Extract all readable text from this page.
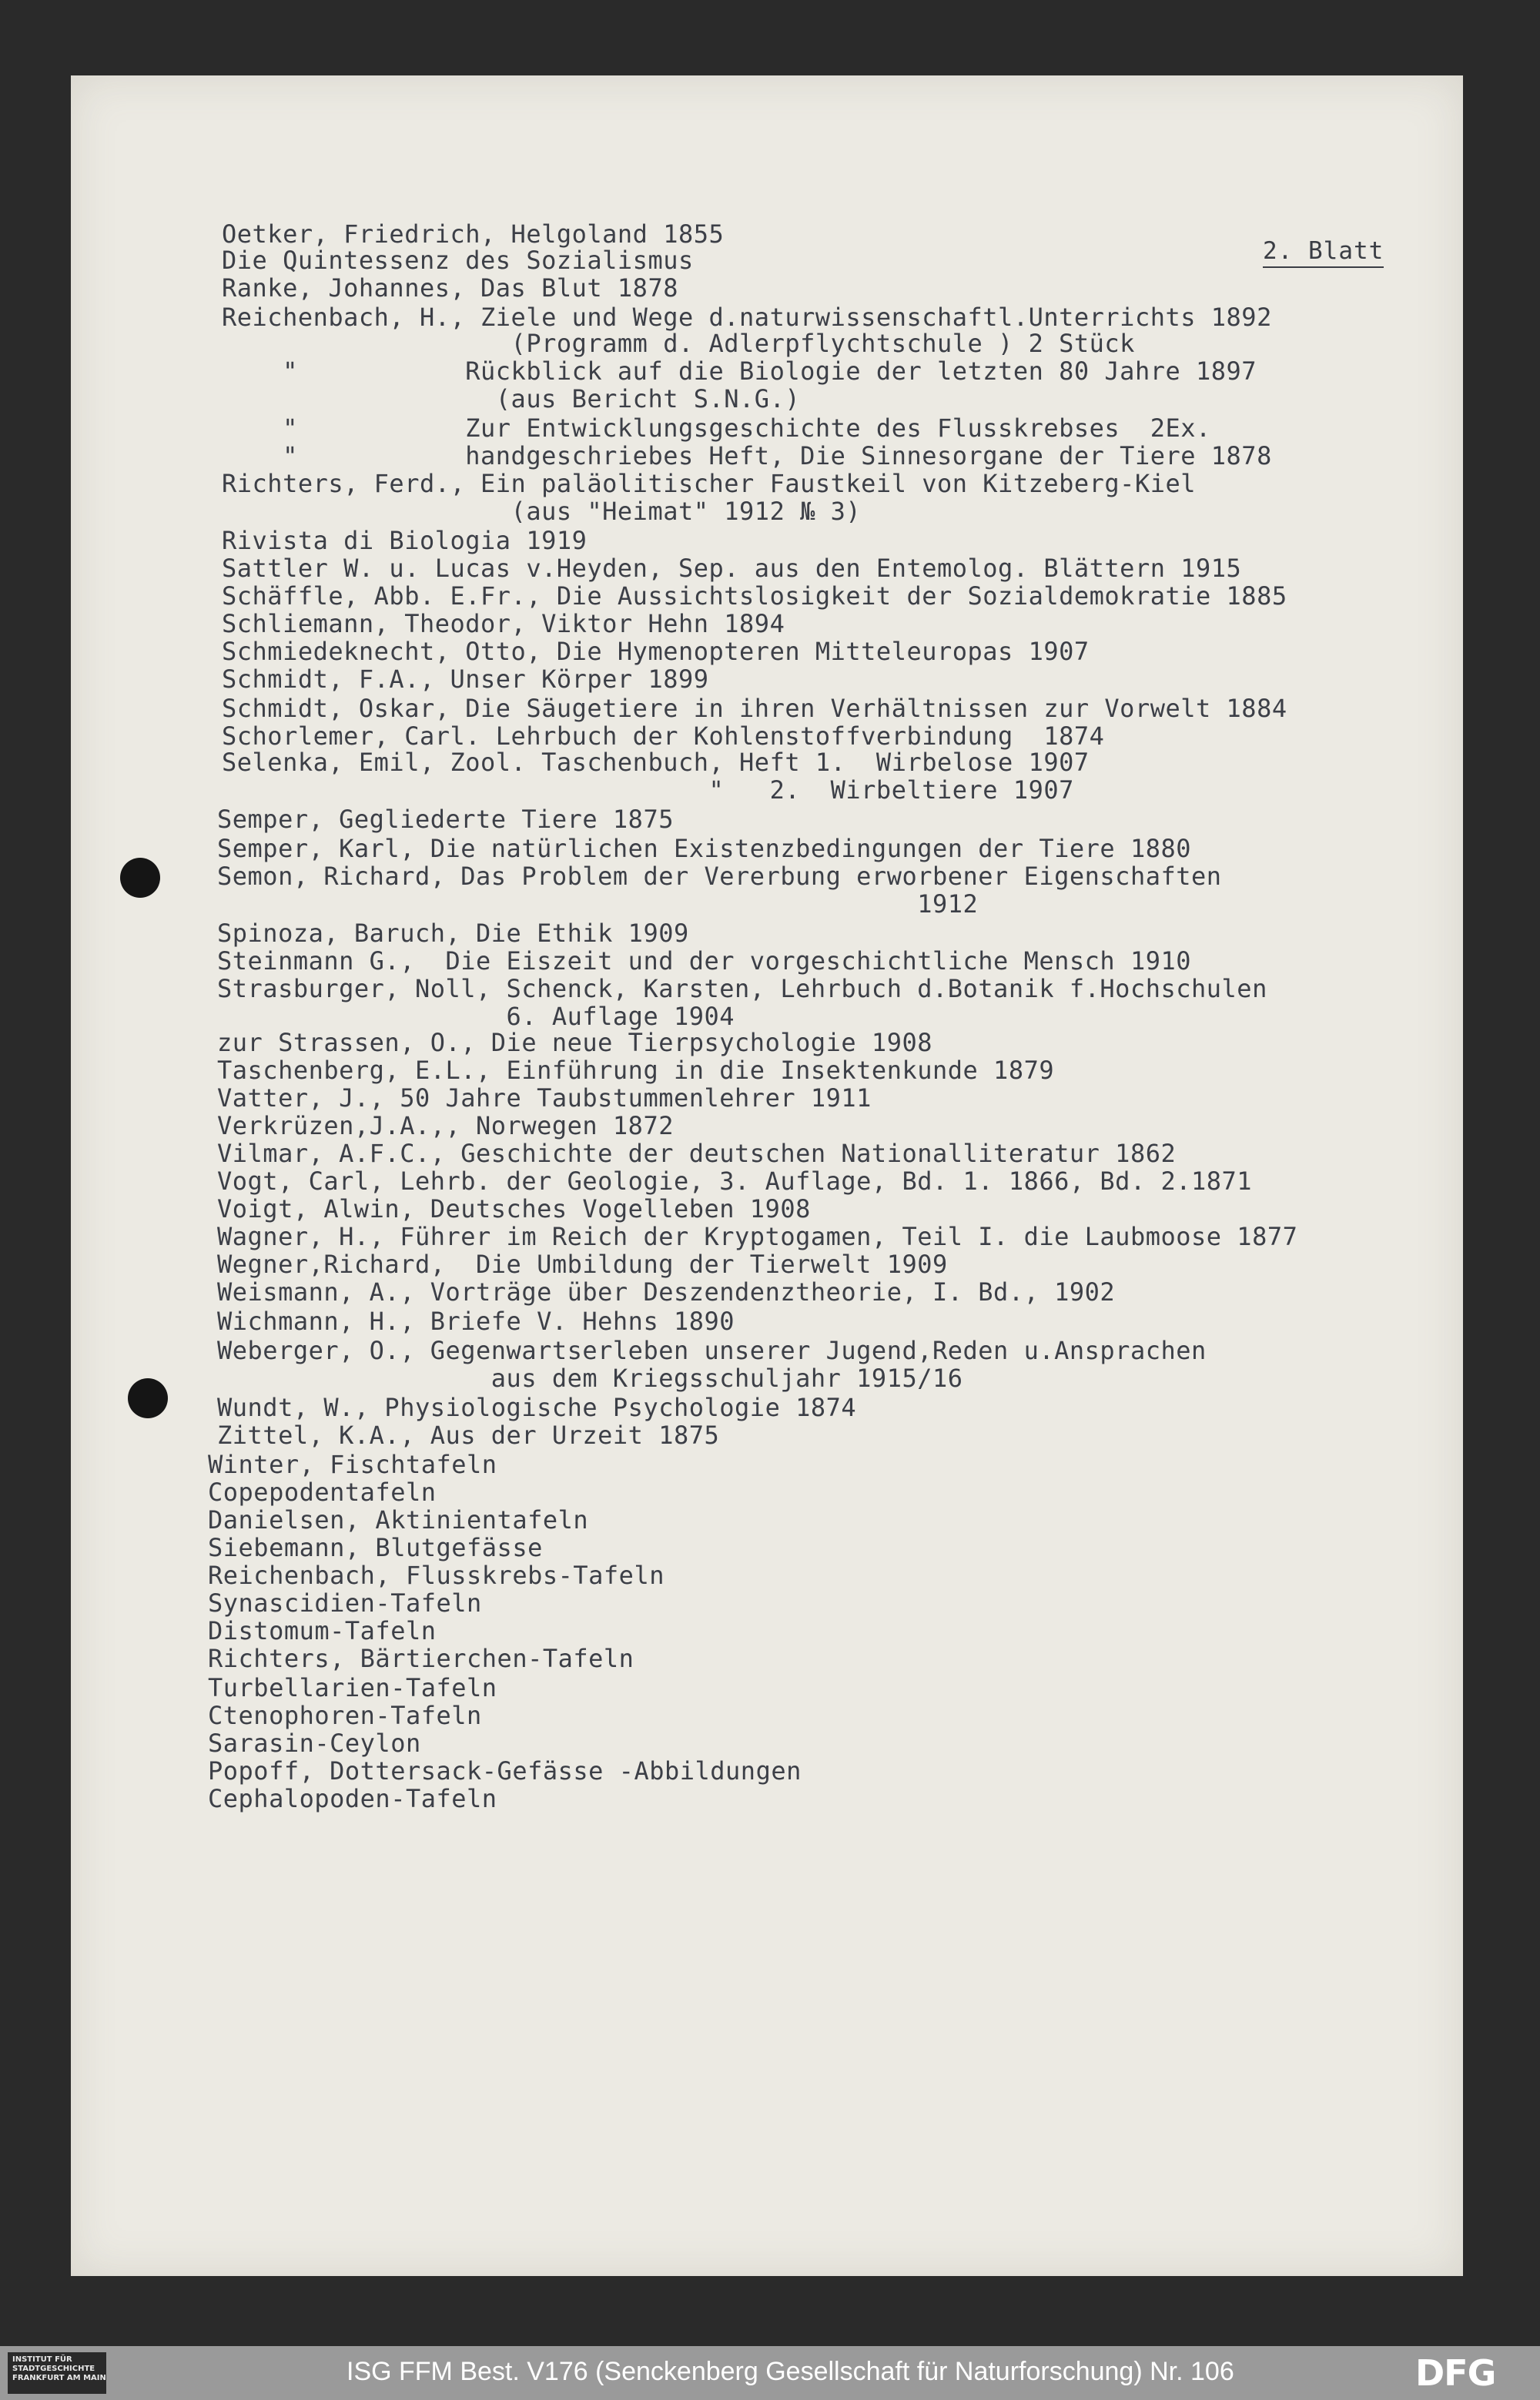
2. Blatt
Oetker, Friedrich, Helgoland 1855
Die Quintessenz des Sozialismus
Ranke, Johannes, Das Blut 1878
Reichenbach, H., Ziele und Wege d.naturwissenschaftl.Unterrichts 1892
(Programm d. Adlerpflychtschule ) 2 Stück
"           Rückblick auf die Biologie der letzten 80 Jahre 1897
(aus Bericht S.N.G.)
"           Zur Entwicklungsgeschichte des Flusskrebses  2Ex.
"           handgeschriebes Heft, Die Sinnesorgane der Tiere 1878
Richters, Ferd., Ein paläolitischer Faustkeil von Kitzeberg-Kiel
(aus "Heimat" 1912 № 3)
Rivista di Biologia 1919
Sattler W. u. Lucas v.Heyden, Sep. aus den Entemolog. Blättern 1915
Schäffle, Abb. E.Fr., Die Aussichtslosigkeit der Sozialdemokratie 1885
Schliemann, Theodor, Viktor Hehn 1894
Schmiedeknecht, Otto, Die Hymenopteren Mitteleuropas 1907
Schmidt, F.A., Unser Körper 1899
Schmidt, Oskar, Die Säugetiere in ihren Verhältnissen zur Vorwelt 1884
Schorlemer, Carl. Lehrbuch der Kohlenstoffverbindung  1874
Selenka, Emil, Zool. Taschenbuch, Heft 1.  Wirbelose 1907
"   2.  Wirbeltiere 1907
Semper, Gegliederte Tiere 1875
Semper, Karl, Die natürlichen Existenzbedingungen der Tiere 1880
Semon, Richard, Das Problem der Vererbung erworbener Eigenschaften
1912
Spinoza, Baruch, Die Ethik 1909
Steinmann G.,  Die Eiszeit und der vorgeschichtliche Mensch 1910
Strasburger, Noll, Schenck, Karsten, Lehrbuch d.Botanik f.Hochschulen
6. Auflage 1904
zur Strassen, O., Die neue Tierpsychologie 1908
Taschenberg, E.L., Einführung in die Insektenkunde 1879
Vatter, J., 50 Jahre Taubstummenlehrer 1911
Verkrüzen,J.A.,, Norwegen 1872
Vilmar, A.F.C., Geschichte der deutschen Nationalliteratur 1862
Vogt, Carl, Lehrb. der Geologie, 3. Auflage, Bd. 1. 1866, Bd. 2.1871
Voigt, Alwin, Deutsches Vogelleben 1908
Wagner, H., Führer im Reich der Kryptogamen, Teil I. die Laubmoose 1877
Wegner,Richard,  Die Umbildung der Tierwelt 1909
Weismann, A., Vorträge über Deszendenztheorie, I. Bd., 1902
Wichmann, H., Briefe V. Hehns 1890
Weberger, O., Gegenwartserleben unserer Jugend,Reden u.Ansprachen
aus dem Kriegsschuljahr 1915/16
Wundt, W., Physiologische Psychologie 1874
Zittel, K.A., Aus der Urzeit 1875
Winter, Fischtafeln
Copepodentafeln
Danielsen, Aktinientafeln
Siebemann, Blutgefässe
Reichenbach, Flusskrebs-Tafeln
Synascidien-Tafeln
Distomum-Tafeln
Richters, Bärtierchen-Tafeln
Turbellarien-Tafeln
Ctenophoren-Tafeln
Sarasin-Ceylon
Popoff, Dottersack-Gefässe -Abbildungen
Cephalopoden-Tafeln
INSTITUT FÜR
STADTGESCHICHTE
FRANKFURT AM MAIN	ISG FFM Best. V176 (Senckenberg Gesellschaft für Naturforschung) Nr. 106	DFG
